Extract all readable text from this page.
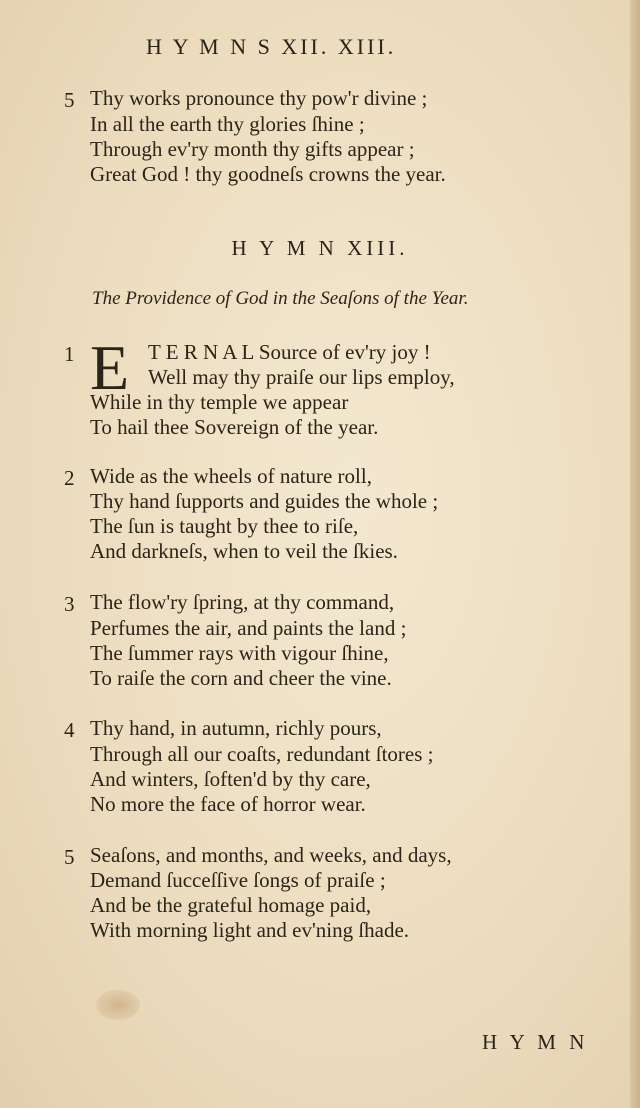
H Y M N S XII. XIII.
5 Thy works pronounce thy pow'r divine ;
In all the earth thy glories ſhine ;
Through ev'ry month thy gifts appear ;
Great God ! thy goodneſs crowns the year.
H Y M N XIII.
The Providence of God in the Seaſons of the Year.
1 E T E R N A L Source of ev'ry joy !
Well may thy praiſe our lips employ,
While in thy temple we appear
To hail thee Sovereign of the year.
2 Wide as the wheels of nature roll,
Thy hand ſupports and guides the whole ;
The ſun is taught by thee to riſe,
And darkneſs, when to veil the ſkies.
3 The flow'ry ſpring, at thy command,
Perfumes the air, and paints the land ;
The ſummer rays with vigour ſhine,
To raiſe the corn and cheer the vine.
4 Thy hand, in autumn, richly pours,
Through all our coaſts, redundant ſtores ;
And winters, ſoften'd by thy care,
No more the face of horror wear.
5 Seaſons, and months, and weeks, and days,
Demand ſucceſſive ſongs of praiſe ;
And be the grateful homage paid,
With morning light and ev'ning ſhade.
H Y M N
